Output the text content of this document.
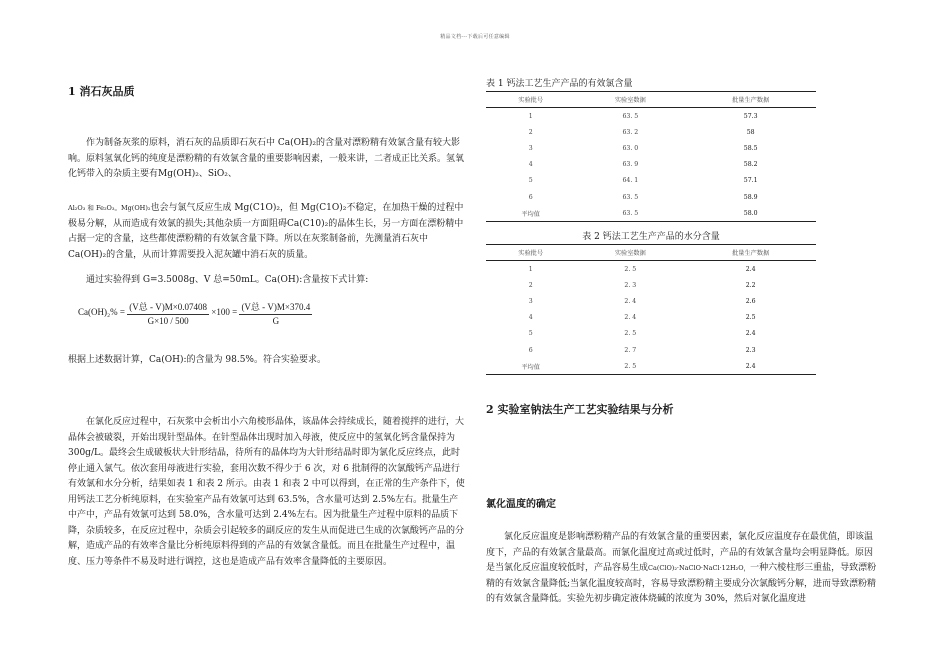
精品文档---下载后可任意编辑
1 消石灰品质

作为制备灰浆的原料，消石灰的品质即石灰石中 Ca(OH)₂的含量对漂粉精有效氯含量有较大影响。原料氢氧化钙的纯度是漂粉精的有效氯含量的重要影响因素，一般来讲，二者成正比关系。氢氧化钙带入的杂质主要有Mg(OH)₂、SiO₂、

Al₂O₃ 和 Fe₂O₃。Mg(OH)₂也会与氯气反应生成 Mg(C1O)₂，但 Mg(C1O)₂不稳定，在加热干燥的过程中极易分解，从而造成有效氯的损失;其他杂质一方面阻碍Ca(C10)₂的晶体生长，另一方面在漂粉精中占据一定的含量，这些都使漂粉精的有效氯含量下降。所以在灰浆制备前，先测量消石灰中 Ca(OH)₂的含量，从而计算需要投入泥灰罐中消石灰的质量。

通过实验得到 G=3.5008g、V 总=50mL。Ca(OH):含量按下式计算:

$Ca(OH)_2\% = \frac{\text{(V总 - V)M×0.07408}}{G\times 10 / 500} \times 100 = \frac{\text{(V总 - V)M×370.4}}{G}$

根据上述数据计算，Ca(OH):的含量为 98.5%。符合实验要求。

在氯化反应过程中，石灰浆中会析出小六角棱形晶体，该晶体会持续成长，随着搅拌的进行，大晶体会被破裂，开始出现针型晶体。在针型晶体出现时加入母液，使反应中的氢氧化钙含量保持为 300g/L。最终会生成破板状大针形结晶，待所有的晶体均为大针形结晶时即为氯化反应终点，此时停止通入氯气。依次套用母液进行实验，套用次数不得少于 6 次，对 6 批制得的次氯酸钙产品进行有效氯和水分分析，结果如表 1 和表 2 所示。由表 1 和表 2 中可以得到，在正常的生产条件下，使用钙法工艺分析纯原料，在实验室产品有效氯可达到 63.5%，含水量可达到 2.5%左右。批量生产中产中，产品有效氯可达到 58.0%，含水量可达到 2.4%左右。因为批量生产过程中原料的品质下降，杂质较多，在反应过程中，杂质会引起较多的副反应的发生从而促进已生成的次氯酸钙产品的分解，造成产品的有效率含量比分析纯原料得到的产品的有效氯含量低。而且在批量生产过程中，温度、压力等条件不易及时进行调控，这也是造成产品有效率含量降低的主要原因。

表 1 钙法工艺生产产品的有效氯含量
实验批号	实验室数据	批量生产数据
1	63. 5	57.3
2	63. 2	58
3	63. 0	58.5
4	63. 9	58.2
5	64. 1	57.1
6	63. 5	58.9
平均值	63. 5	58.0
表 2 钙法工艺生产产品的水分含量
实验批号	实验室数据	批量生产数据
1	2. 5	2.4
2	2. 3	2.2
3	2. 4	2.6
4	2. 4	2.5
5	2. 5	2.4
6	2. 7	2.3
平均值	2. 5	2.4
2 实验室钠法生产工艺实验结果与分析
氯化温度的确定

氯化反应温度是影响漂粉精产品的有效氯含量的重要因素，氯化反应温度存在最优值，即该温度下，产品的有效氯含量最高。而氯化温度过高或过低时，产品的有效氯含量均会明显降低。原因是当氯化反应温度较低时，产品容易生成Ca(ClO)₂·NaClO·NaCl·12H₂O，一种六棱柱形三重盐，导致漂粉精的有效氯含量降低;当氯化温度较高时，容易导致漂粉精主要成分次氯酸钙分解，进而导致漂粉精的有效氯含量降低。实验先初步确定液体烧碱的浓度为 30%，然后对氯化温度进
